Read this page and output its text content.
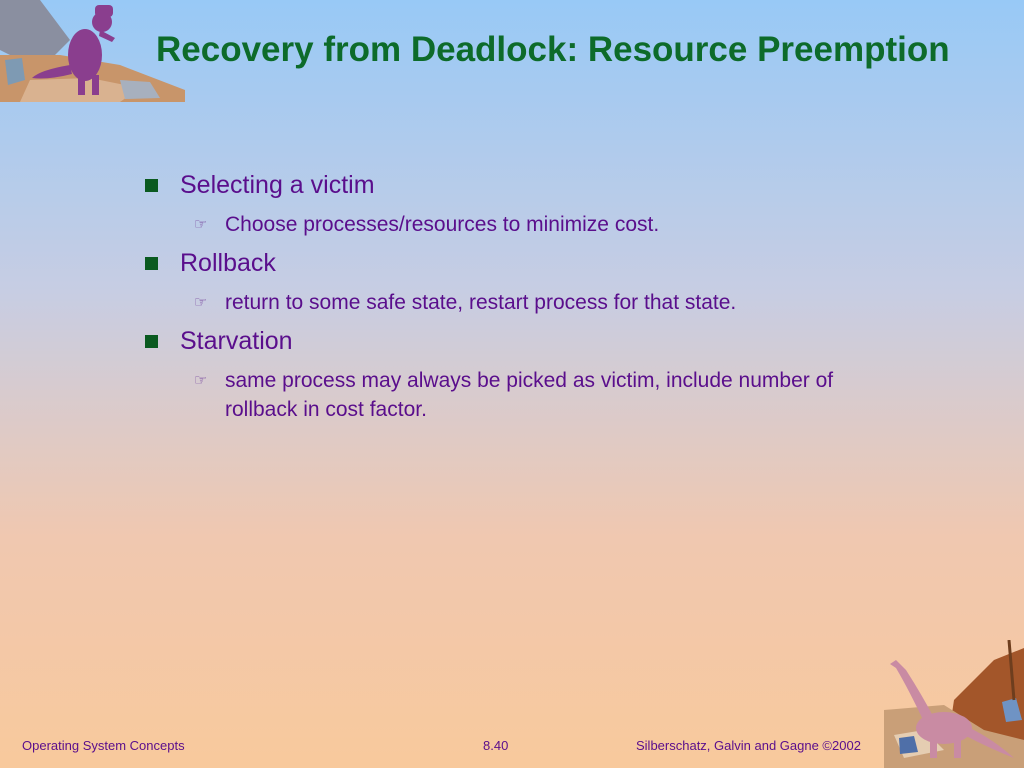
Recovery from Deadlock: Resource Preemption
Selecting a victim
☞ Choose processes/resources to minimize cost.
Rollback
☞ return to some safe state, restart process for that state.
Starvation
☞ same process may always be picked as victim, include number of rollback in cost factor.
Operating System Concepts	8.40	Silberschatz, Galvin and Gagne ©2002
